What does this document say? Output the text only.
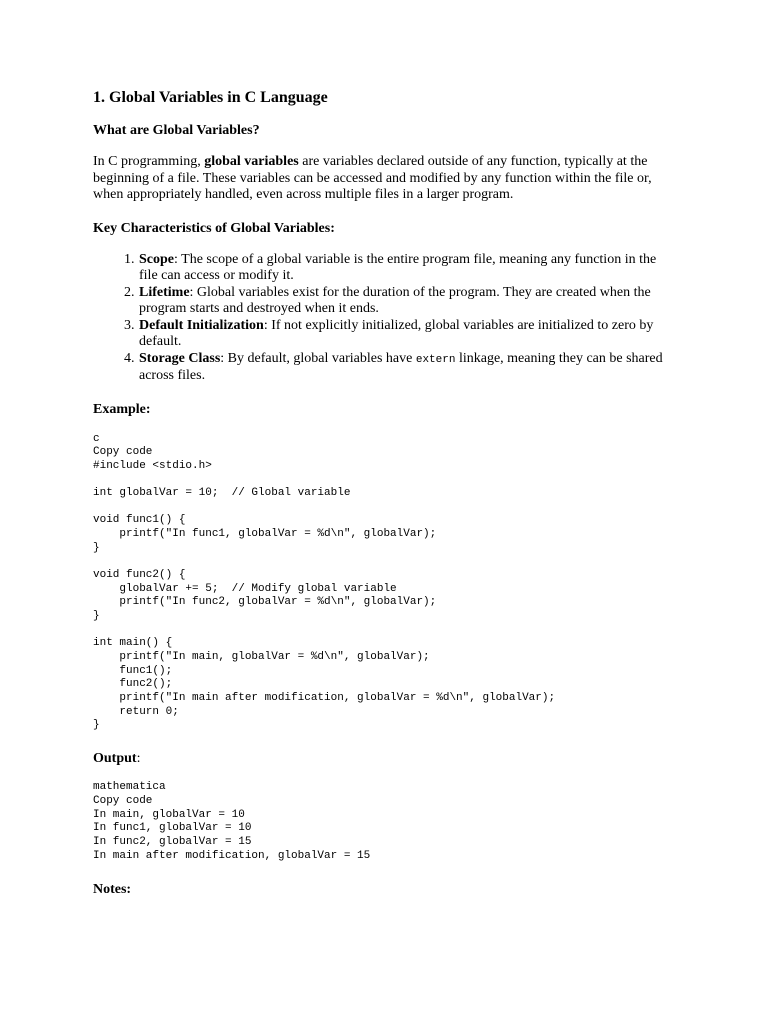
1. Global Variables in C Language
What are Global Variables?

In C programming, global variables are variables declared outside of any function, typically at the beginning of a file. These variables can be accessed and modified by any function within the file or, when appropriately handled, even across multiple files in a larger program.

Key Characteristics of Global Variables:
1. Scope: The scope of a global variable is the entire program file, meaning any function in the file can access or modify it.
2. Lifetime: Global variables exist for the duration of the program. They are created when the program starts and destroyed when it ends.
3. Default Initialization: If not explicitly initialized, global variables are initialized to zero by default.
4. Storage Class: By default, global variables have extern linkage, meaning they can be shared across files.
Example:
c
Copy code
#include <stdio.h>

int globalVar = 10;  // Global variable

void func1() {
printf("In func1, globalVar = %d\n", globalVar);
}

void func2() {
globalVar += 5;  // Modify global variable
printf("In func2, globalVar = %d\n", globalVar);
}

int main() {
printf("In main, globalVar = %d\n", globalVar);
func1();
func2();
printf("In main after modification, globalVar = %d\n", globalVar);
return 0;
}

Output:

mathematica
Copy code
In main, globalVar = 10
In func1, globalVar = 10
In func2, globalVar = 15
In main after modification, globalVar = 15
Notes:
